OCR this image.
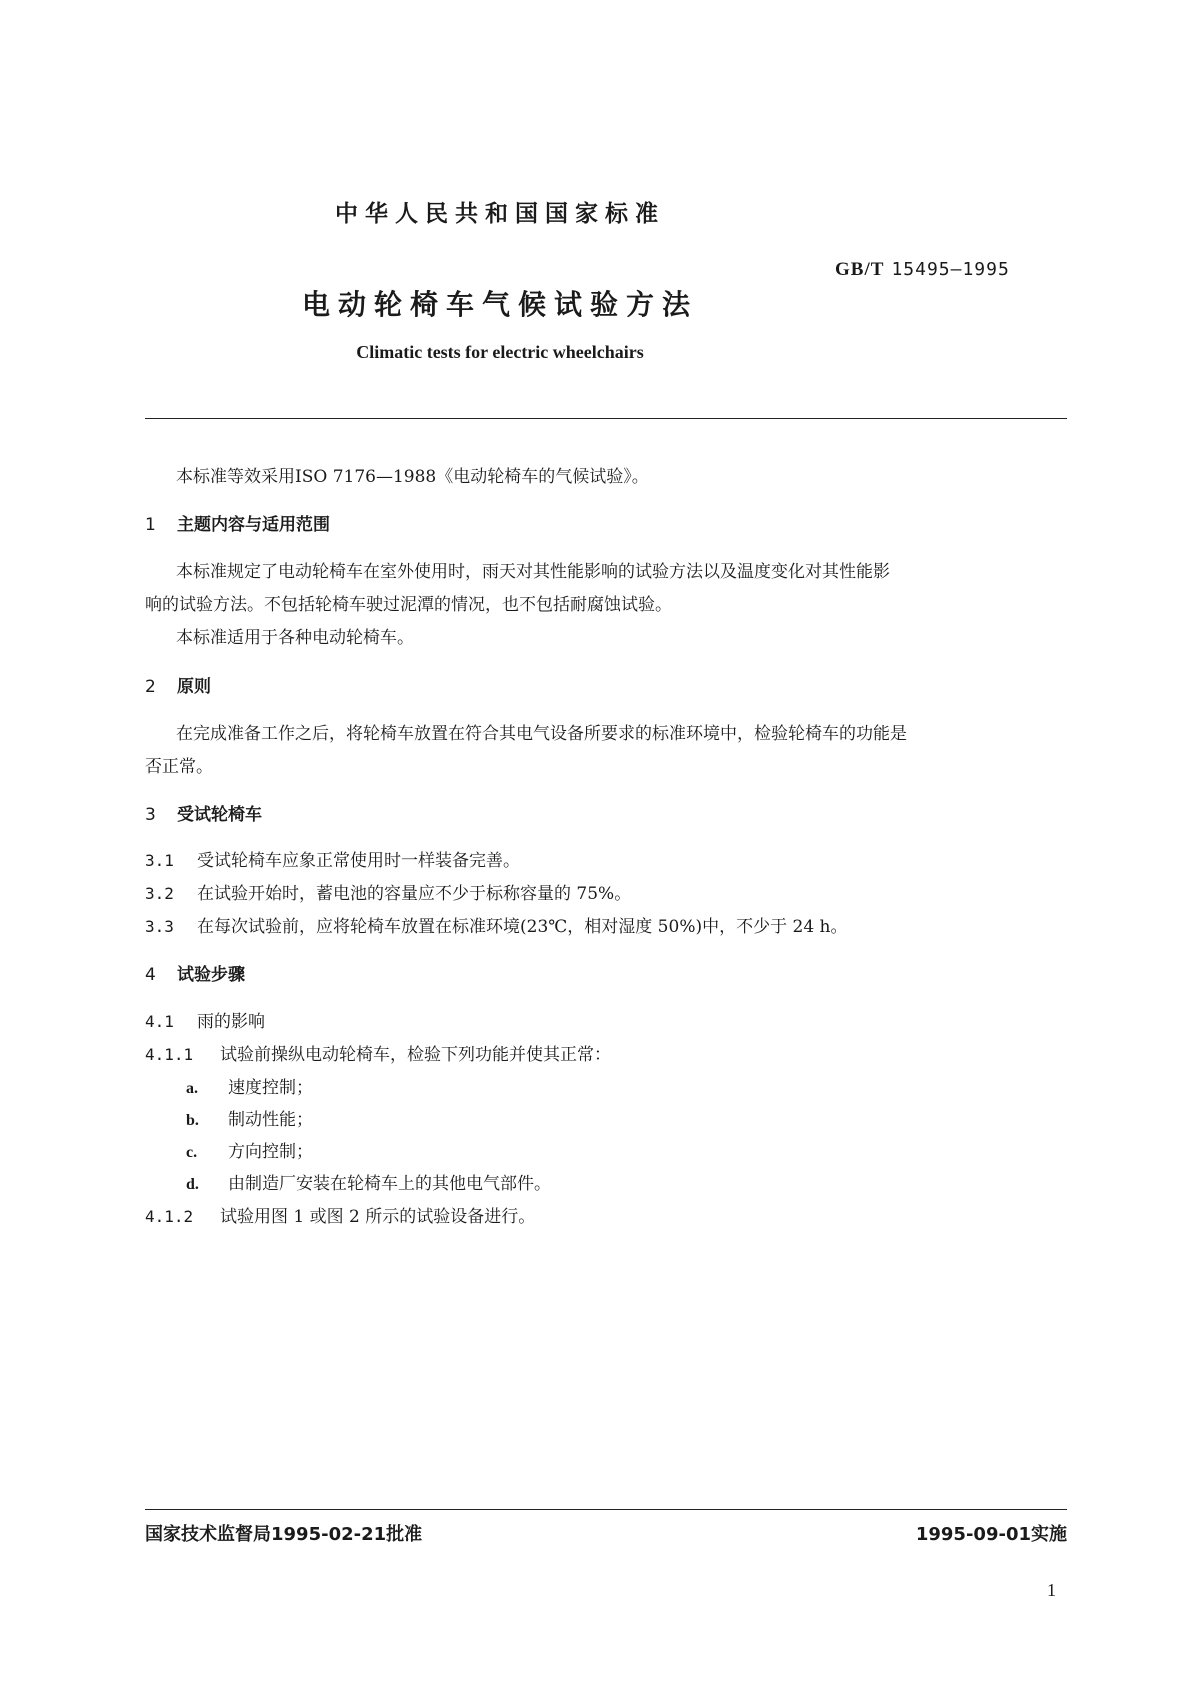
中华人民共和国国家标准
GB/T 15495—1995
电动轮椅车气候试验方法
Climatic tests for electric wheelchairs
本标准等效采用ISO 7176—1988《电动轮椅车的气候试验》。
1 主题内容与适用范围
本标准规定了电动轮椅车在室外使用时，雨天对其性能影响的试验方法以及温度变化对其性能影
响的试验方法。不包括轮椅车驶过泥潭的情况，也不包括耐腐蚀试验。
本标准适用于各种电动轮椅车。
2 原则
在完成准备工作之后，将轮椅车放置在符合其电气设备所要求的标准环境中，检验轮椅车的功能是
否正常。
3 受试轮椅车
3.1 受试轮椅车应象正常使用时一样装备完善。
3.2 在试验开始时，蓄电池的容量应不少于标称容量的 75%。
3.3 在每次试验前，应将轮椅车放置在标准环境(23℃，相对湿度 50%)中，不少于 24 h。
4 试验步骤
4.1 雨的影响
4.1.1 试验前操纵电动轮椅车，检验下列功能并使其正常：
a. 速度控制；
b. 制动性能；
c. 方向控制；
d. 由制造厂安装在轮椅车上的其他电气部件。
4.1.2 试验用图 1 或图 2 所示的试验设备进行。
国家技术监督局1995-02-21批准	1995-09-01实施
1
